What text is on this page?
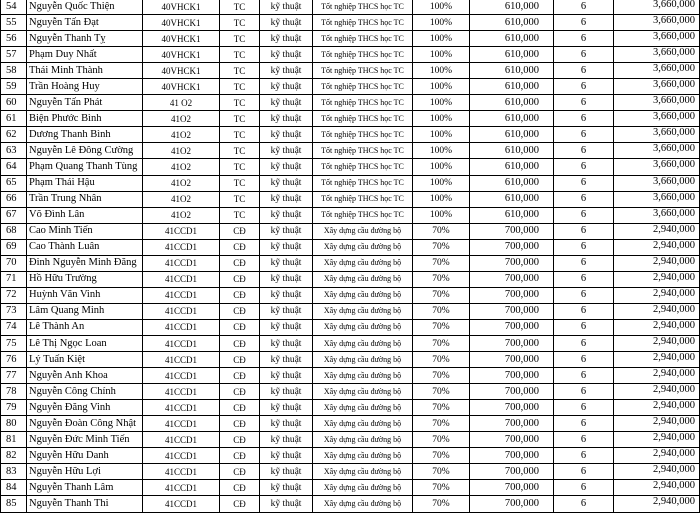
54	Nguyễn Quốc Thiện	40VHCK1	TC	kỹ thuật	Tốt nghiệp THCS học TC	100%	610,000	6	3,660,000
55	Nguyễn Tấn Đạt	40VHCK1	TC	kỹ thuật	Tốt nghiệp THCS học TC	100%	610,000	6	3,660,000
56	Nguyễn Thanh Tỵ	40VHCK1	TC	kỹ thuật	Tốt nghiệp THCS học TC	100%	610,000	6	3,660,000
57	Phạm Duy Nhất	40VHCK1	TC	kỹ thuật	Tốt nghiệp THCS học TC	100%	610,000	6	3,660,000
58	Thái Minh Thành	40VHCK1	TC	kỹ thuật	Tốt nghiệp THCS học TC	100%	610,000	6	3,660,000
59	Trần Hoàng Huy	40VHCK1	TC	kỹ thuật	Tốt nghiệp THCS học TC	100%	610,000	6	3,660,000
60	Nguyễn Tấn Phát	41 O2	TC	kỹ thuật	Tốt nghiệp THCS học TC	100%	610,000	6	3,660,000
61	Biện Phước Bình	41O2	TC	kỹ thuật	Tốt nghiệp THCS học TC	100%	610,000	6	3,660,000
62	Dương Thanh Bình	41O2	TC	kỹ thuật	Tốt nghiệp THCS học TC	100%	610,000	6	3,660,000
63	Nguyễn Lê Đông Cường	41O2	TC	kỹ thuật	Tốt nghiệp THCS học TC	100%	610,000	6	3,660,000
64	Phạm Quang Thanh Tùng	41O2	TC	kỹ thuật	Tốt nghiệp THCS học TC	100%	610,000	6	3,660,000
65	Phạm Thái Hậu	41O2	TC	kỹ thuật	Tốt nghiệp THCS học TC	100%	610,000	6	3,660,000
66	Trần Trung Nhân	41O2	TC	kỹ thuật	Tốt nghiệp THCS học TC	100%	610,000	6	3,660,000
67	Võ Đình Lân	41O2	TC	kỹ thuật	Tốt nghiệp THCS học TC	100%	610,000	6	3,660,000
68	Cao Minh Tiến	41CCD1	CĐ	kỹ thuật	Xây dựng cầu đường bộ	70%	700,000	6	2,940,000
69	Cao Thành Luân	41CCD1	CĐ	kỹ thuật	Xây dựng cầu đường bộ	70%	700,000	6	2,940,000
70	Đinh Nguyễn Minh Đăng	41CCD1	CĐ	kỹ thuật	Xây dựng cầu đường bộ	70%	700,000	6	2,940,000
71	Hồ Hữu Trường	41CCD1	CĐ	kỹ thuật	Xây dựng cầu đường bộ	70%	700,000	6	2,940,000
72	Huỳnh Văn Vinh	41CCD1	CĐ	kỹ thuật	Xây dựng cầu đường bộ	70%	700,000	6	2,940,000
73	Lâm Quang Minh	41CCD1	CĐ	kỹ thuật	Xây dựng cầu đường bộ	70%	700,000	6	2,940,000
74	Lê Thành An	41CCD1	CĐ	kỹ thuật	Xây dựng cầu đường bộ	70%	700,000	6	2,940,000
75	Lê Thị Ngọc Loan	41CCD1	CĐ	kỹ thuật	Xây dựng cầu đường bộ	70%	700,000	6	2,940,000
76	Lý Tuấn Kiệt	41CCD1	CĐ	kỹ thuật	Xây dựng cầu đường bộ	70%	700,000	6	2,940,000
77	Nguyễn Anh Khoa	41CCD1	CĐ	kỹ thuật	Xây dựng cầu đường bộ	70%	700,000	6	2,940,000
78	Nguyễn Công Chính	41CCD1	CĐ	kỹ thuật	Xây dựng cầu đường bộ	70%	700,000	6	2,940,000
79	Nguyễn Đăng Vinh	41CCD1	CĐ	kỹ thuật	Xây dựng cầu đường bộ	70%	700,000	6	2,940,000
80	Nguyễn Đoàn Công Nhật	41CCD1	CĐ	kỹ thuật	Xây dựng cầu đường bộ	70%	700,000	6	2,940,000
81	Nguyễn Đức Minh Tiến	41CCD1	CĐ	kỹ thuật	Xây dựng cầu đường bộ	70%	700,000	6	2,940,000
82	Nguyễn Hữu Danh	41CCD1	CĐ	kỹ thuật	Xây dựng cầu đường bộ	70%	700,000	6	2,940,000
83	Nguyễn Hữu Lợi	41CCD1	CĐ	kỹ thuật	Xây dựng cầu đường bộ	70%	700,000	6	2,940,000
84	Nguyễn Thanh Lâm	41CCD1	CĐ	kỹ thuật	Xây dựng cầu đường bộ	70%	700,000	6	2,940,000
85	Nguyễn Thanh Thi	41CCD1	CĐ	kỹ thuật	Xây dựng cầu đường bộ	70%	700,000	6	2,940,000
